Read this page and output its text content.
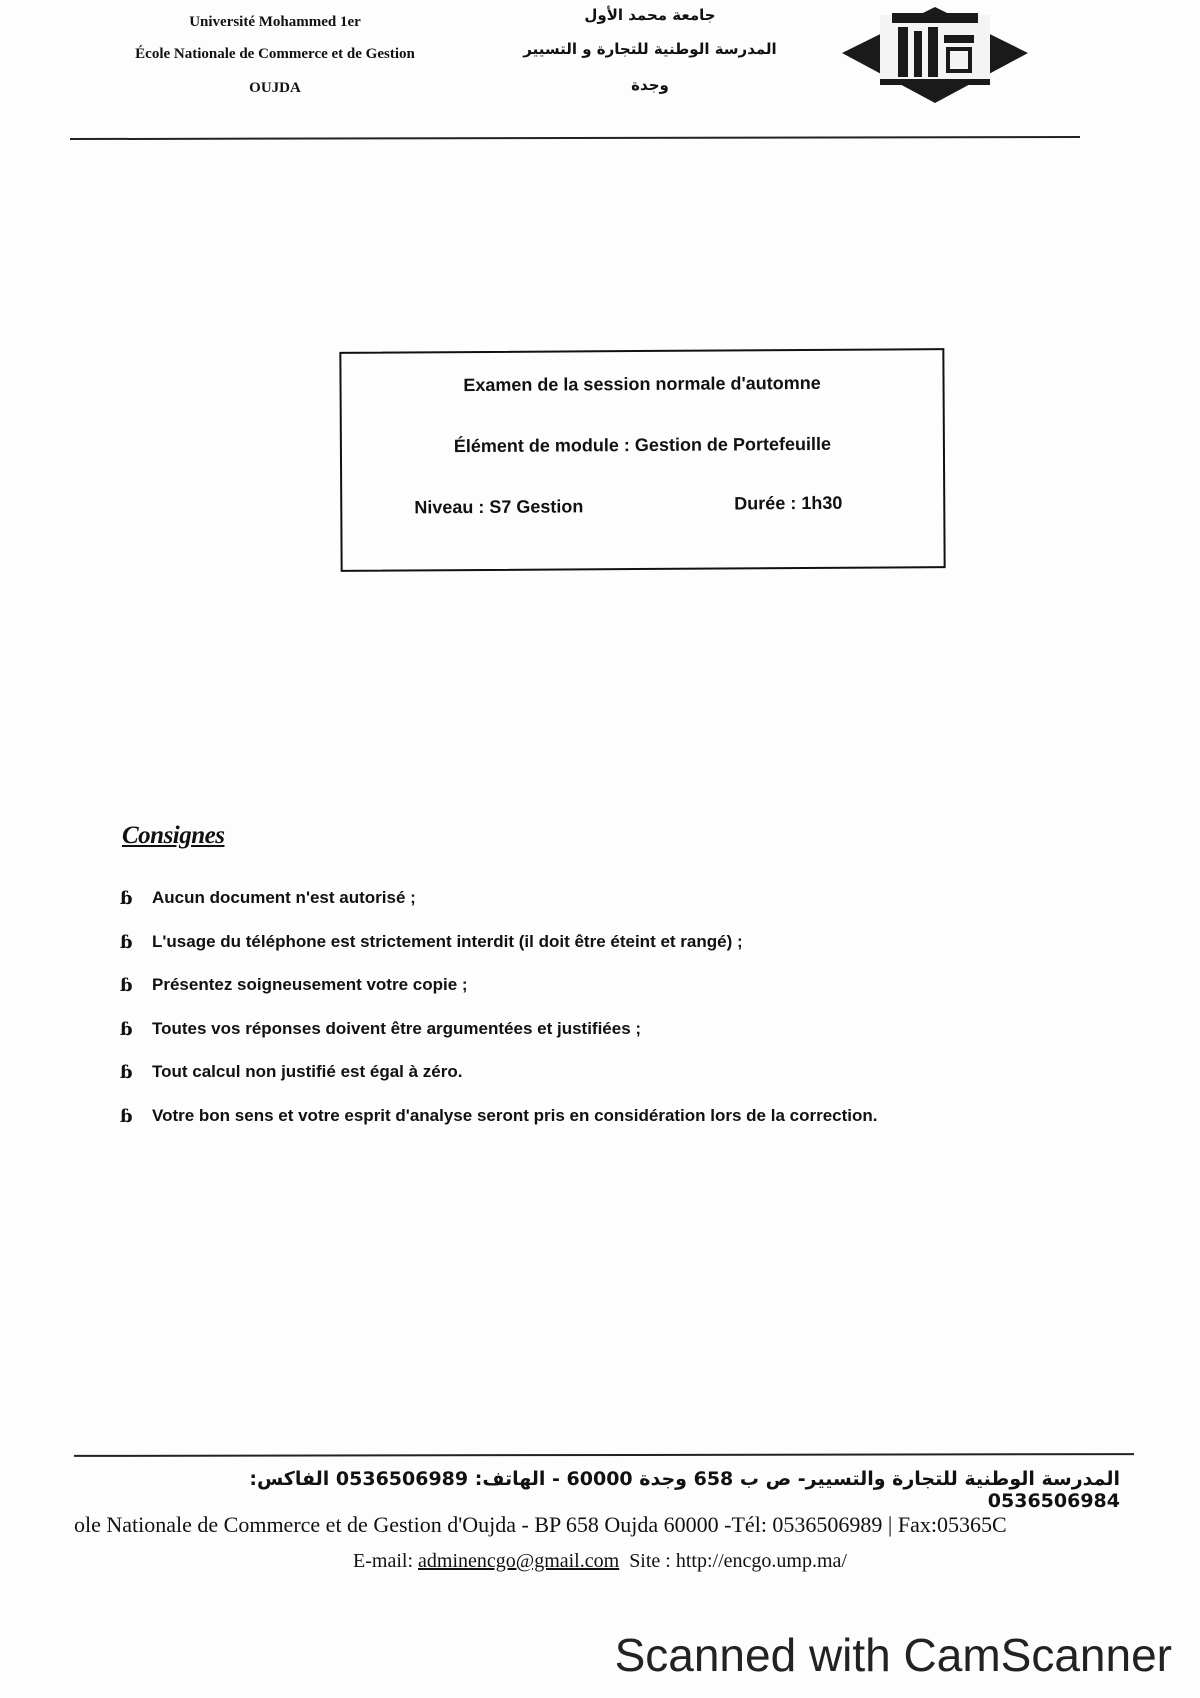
Université Mohammed 1er
École Nationale de Commerce et de Gestion
OUJDA
جامعة محمد الأول
المدرسة الوطنية للتجارة و التسيير
وجدة
Examen de la session normale d'automne
Élément de module : Gestion de Portefeuille
Niveau : S7 Gestion	Durée : 1h30
Consignes
ɓ	Aucun document n'est autorisé ;
ɓ	L'usage du téléphone est strictement interdit (il doit être éteint et rangé) ;
ɓ	Présentez soigneusement votre copie ;
ɓ	Toutes vos réponses doivent être argumentées et justifiées ;
ɓ	Tout calcul non justifié est égal à zéro.
ɓ	Votre bon sens et votre esprit d'analyse seront pris en considération lors de la correction.
المدرسة الوطنية للتجارة والتسيير- ص ب 658 وجدة 60000 - الهاتف: 0536506989 الفاكس: 0536506984
ole Nationale de Commerce et de Gestion d'Oujda - BP 658 Oujda 60000 -Tél: 0536506989 | Fax:05365C
E-mail: adminencgo@gmail.com Site : http://encgo.ump.ma/
Scanned with CamScanner
